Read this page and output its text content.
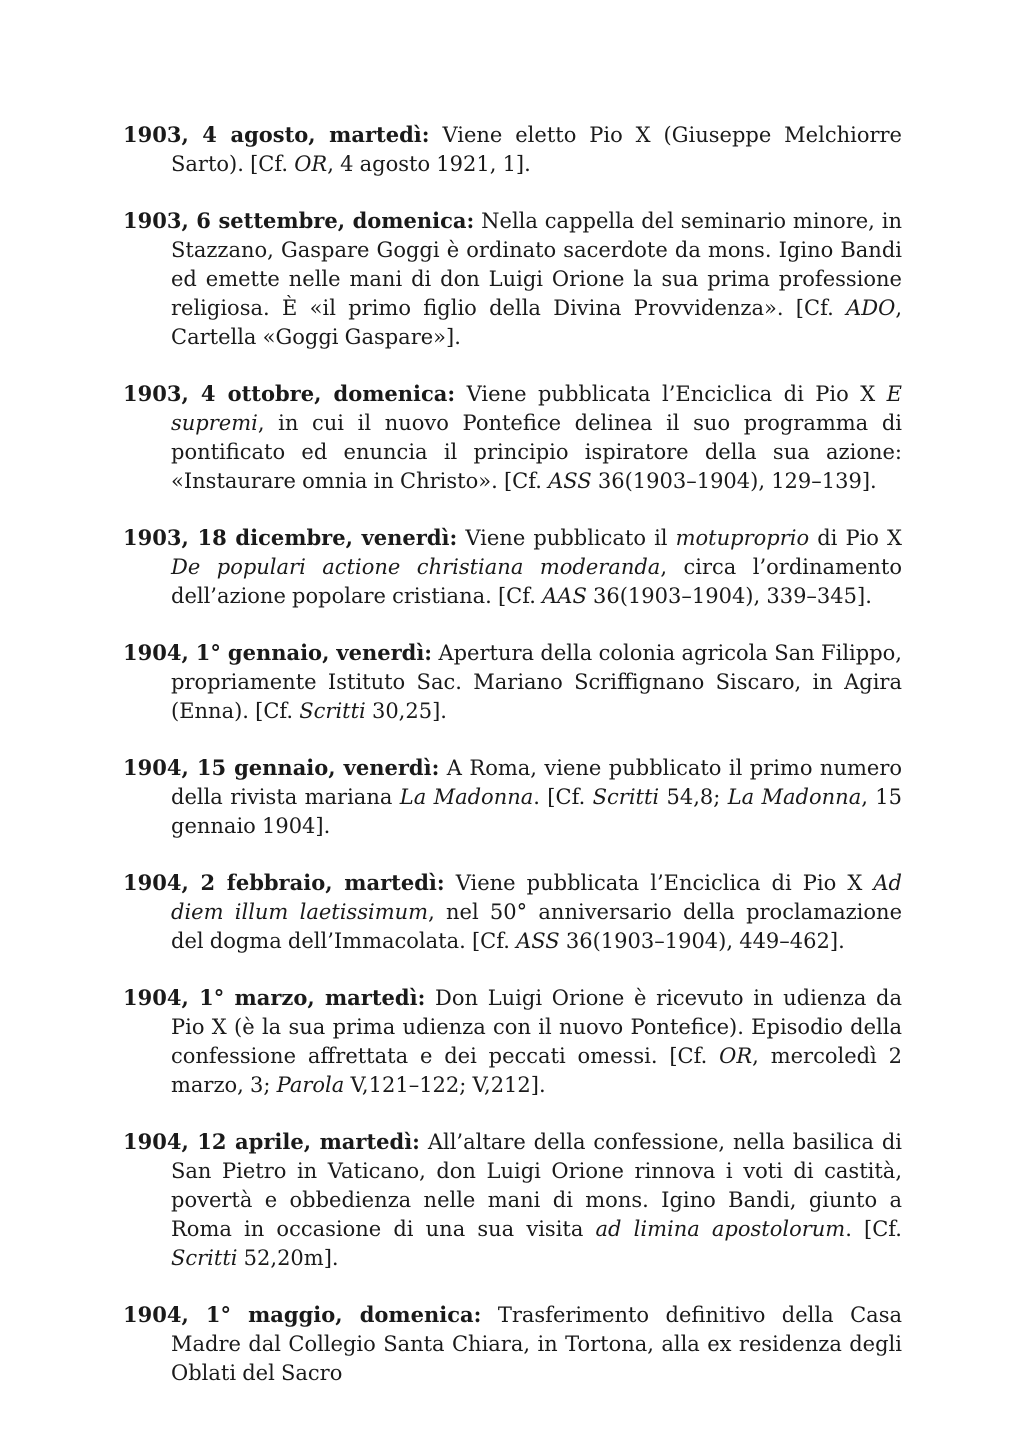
1903, 4 agosto, martedì: Viene eletto Pio X (Giuseppe Melchiorre Sarto). [Cf. OR, 4 agosto 1921, 1].

1903, 6 settembre, domenica: Nella cappella del seminario minore, in Stazzano, Gaspare Goggi è ordinato sacerdote da mons. Igino Bandi ed emette nelle mani di don Luigi Orione la sua prima professione religiosa. È «il primo figlio della Divina Provvidenza». [Cf. ADO, Cartella «Goggi Gaspare»].

1903, 4 ottobre, domenica: Viene pubblicata l’Enciclica di Pio X E supremi, in cui il nuovo Pontefice delinea il suo programma di pontificato ed enuncia il principio ispiratore della sua azione: «Instaurare omnia in Christo». [Cf. ASS 36(1903–1904), 129–139].

1903, 18 dicembre, venerdì: Viene pubblicato il motuproprio di Pio X De populari actione christiana moderanda, circa l’ordinamento dell’azione popolare cristiana. [Cf. AAS 36(1903–1904), 339–345].

1904, 1° gennaio, venerdì: Apertura della colonia agricola San Filippo, propriamente Istituto Sac. Mariano Scriffignano Siscaro, in Agira (Enna). [Cf. Scritti 30,25].

1904, 15 gennaio, venerdì: A Roma, viene pubblicato il primo numero della rivista mariana La Madonna. [Cf. Scritti 54,8; La Madonna, 15 gennaio 1904].

1904, 2 febbraio, martedì: Viene pubblicata l’Enciclica di Pio X Ad diem illum laetissimum, nel 50° anniversario della proclamazione del dogma dell’Immacolata. [Cf. ASS 36(1903–1904), 449–462].

1904, 1° marzo, martedì: Don Luigi Orione è ricevuto in udienza da Pio X (è la sua prima udienza con il nuovo Pontefice). Episodio della confessione affrettata e dei peccati omessi. [Cf. OR, mercoledì 2 marzo, 3; Parola V,121–122; V,212].

1904, 12 aprile, martedì: All’altare della confessione, nella basilica di San Pietro in Vaticano, don Luigi Orione rinnova i voti di castità, povertà e obbedienza nelle mani di mons. Igino Bandi, giunto a Roma in occasione di una sua visita ad limina apostolorum. [Cf. Scritti 52,20m].

1904, 1° maggio, domenica: Trasferimento definitivo della Casa Madre dal Collegio Santa Chiara, in Tortona, alla ex residenza degli Oblati del Sacro
